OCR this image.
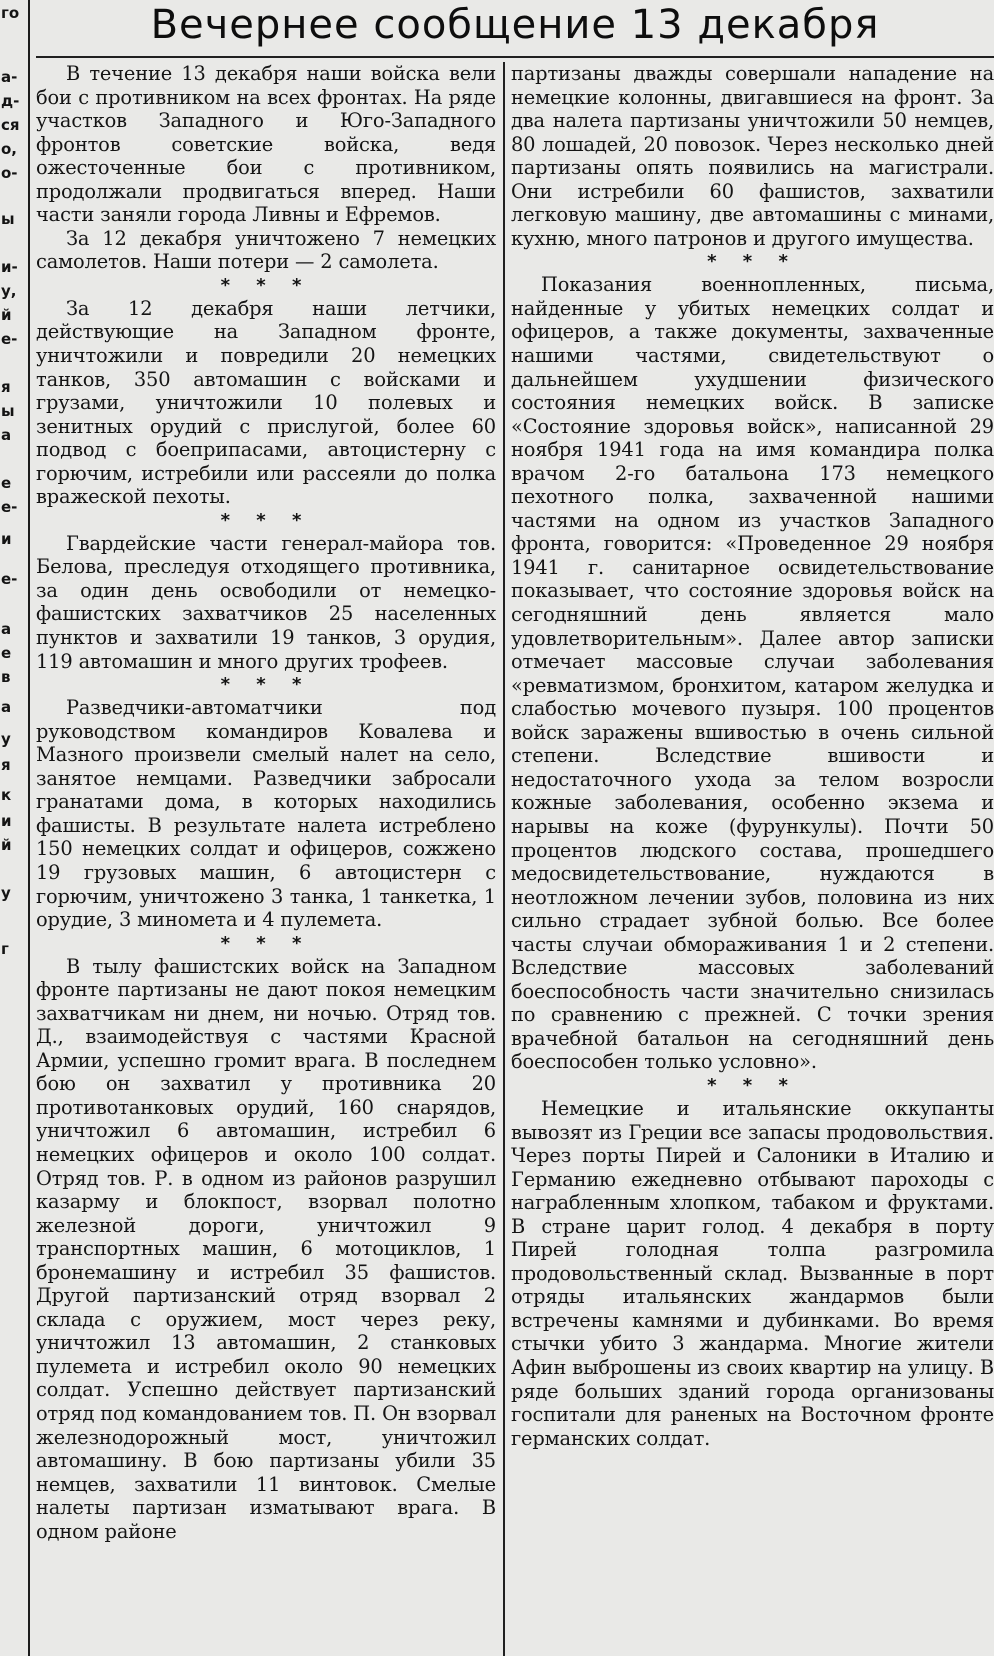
го
а-
д-
ся
о,
о-
ы
и-
у,
й
е-
я
ы
а
е
е-
и
е-
а
е
в
а
у
я
к
и
й
у
г
Вечернее сообщение 13 декабря

В течение 13 декабря наши войска вели бои с противником на всех фронтах. На ряде участков Западного и Юго-Западного фронтов советские войска, ведя ожесточенные бои с противником, продолжали продвигаться вперед. Наши части заняли города Ливны и Ефремов.

За 12 декабря уничтожено 7 немецких самолетов. Наши потери — 2 самолета.

* * *

За 12 декабря наши летчики, действующие на Западном фронте, уничтожили и повредили 20 немецких танков, 350 автомашин с войсками и грузами, уничтожили 10 полевых и зенитных орудий с прислугой, более 60 подвод с боеприпасами, автоцистерну с горючим, истребили или рассеяли до полка вражеской пехоты.

* * *

Гвардейские части генерал-майора тов. Белова, преследуя отходящего противника, за один день освободили от немецко-фашистских захватчиков 25 населенных пунктов и захватили 19 танков, 3 орудия, 119 автомашин и много других трофеев.

* * *

Разведчики-автоматчики под руководством командиров Ковалева и Мазного произвели смелый налет на село, занятое немцами. Разведчики забросали гранатами дома, в которых находились фашисты. В результате налета истреблено 150 немецких солдат и офицеров, сожжено 19 грузовых машин, 6 автоцистерн с горючим, уничтожено 3 танка, 1 танкетка, 1 орудие, 3 миномета и 4 пулемета.

* * *

В тылу фашистских войск на Западном фронте партизаны не дают покоя немецким захватчикам ни днем, ни ночью. Отряд тов. Д., взаимодействуя с частями Красной Армии, успешно громит врага. В последнем бою он захватил у противника 20 противотанковых орудий, 160 снарядов, уничтожил 6 автомашин, истребил 6 немецких офицеров и около 100 солдат. Отряд тов. Р. в одном из районов разрушил казарму и блокпост, взорвал полотно железной дороги, уничтожил 9 транспортных машин, 6 мотоциклов, 1 бронемашину и истребил 35 фашистов. Другой партизанский отряд взорвал 2 склада с оружием, мост через реку, уничтожил 13 автомашин, 2 станковых пулемета и истребил около 90 немецких солдат. Успешно действует партизанский отряд под командованием тов. П. Он взорвал железнодорожный мост, уничтожил автомашину. В бою партизаны убили 35 немцев, захватили 11 винтовок. Смелые налеты партизан изматывают врага. В одном районе

партизаны дважды совершали нападение на немецкие колонны, двигавшиеся на фронт. За два налета партизаны уничтожили 50 немцев, 80 лошадей, 20 повозок. Через несколько дней партизаны опять появились на магистрали. Они истребили 60 фашистов, захватили легковую машину, две автомашины с минами, кухню, много патронов и другого имущества.

* * *

Показания военнопленных, письма, найденные у убитых немецких солдат и офицеров, а также документы, захваченные нашими частями, свидетельствуют о дальнейшем ухудшении физического состояния немецких войск. В записке «Состояние здоровья войск», написанной 29 ноября 1941 года на имя командира полка врачом 2-го батальона 173 немецкого пехотного полка, захваченной нашими частями на одном из участков Западного фронта, говорится: «Проведенное 29 ноября 1941 г. санитарное освидетельствование показывает, что состояние здоровья войск на сегодняшний день является мало удовлетворительным». Далее автор записки отмечает массовые случаи заболевания «ревматизмом, бронхитом, катаром желудка и слабостью мочевого пузыря. 100 процентов войск заражены вшивостью в очень сильной степени. Вследствие вшивости и недостаточного ухода за телом возросли кожные заболевания, особенно экзема и нарывы на коже (фурункулы). Почти 50 процентов людского состава, прошедшего медосвидетельствование, нуждаются в неотложном лечении зубов, половина из них сильно страдает зубной болью. Все более часты случаи обмораживания 1 и 2 степени. Вследствие массовых заболеваний боеспособность части значительно снизилась по сравнению с прежней. С точки зрения врачебной батальон на сегодняшний день боеспособен только условно».

* * *

Немецкие и итальянские оккупанты вывозят из Греции все запасы продовольствия. Через порты Пирей и Салоники в Италию и Германию ежедневно отбывают пароходы с награбленным хлопком, табаком и фруктами. В стране царит голод. 4 декабря в порту Пирей голодная толпа разгромила продовольственный склад. Вызванные в порт отряды итальянских жандармов были встречены камнями и дубинками. Во время стычки убито 3 жандарма. Многие жители Афин выброшены из своих квартир на улицу. В ряде больших зданий города организованы госпитали для раненых на Восточном фронте германских солдат.
